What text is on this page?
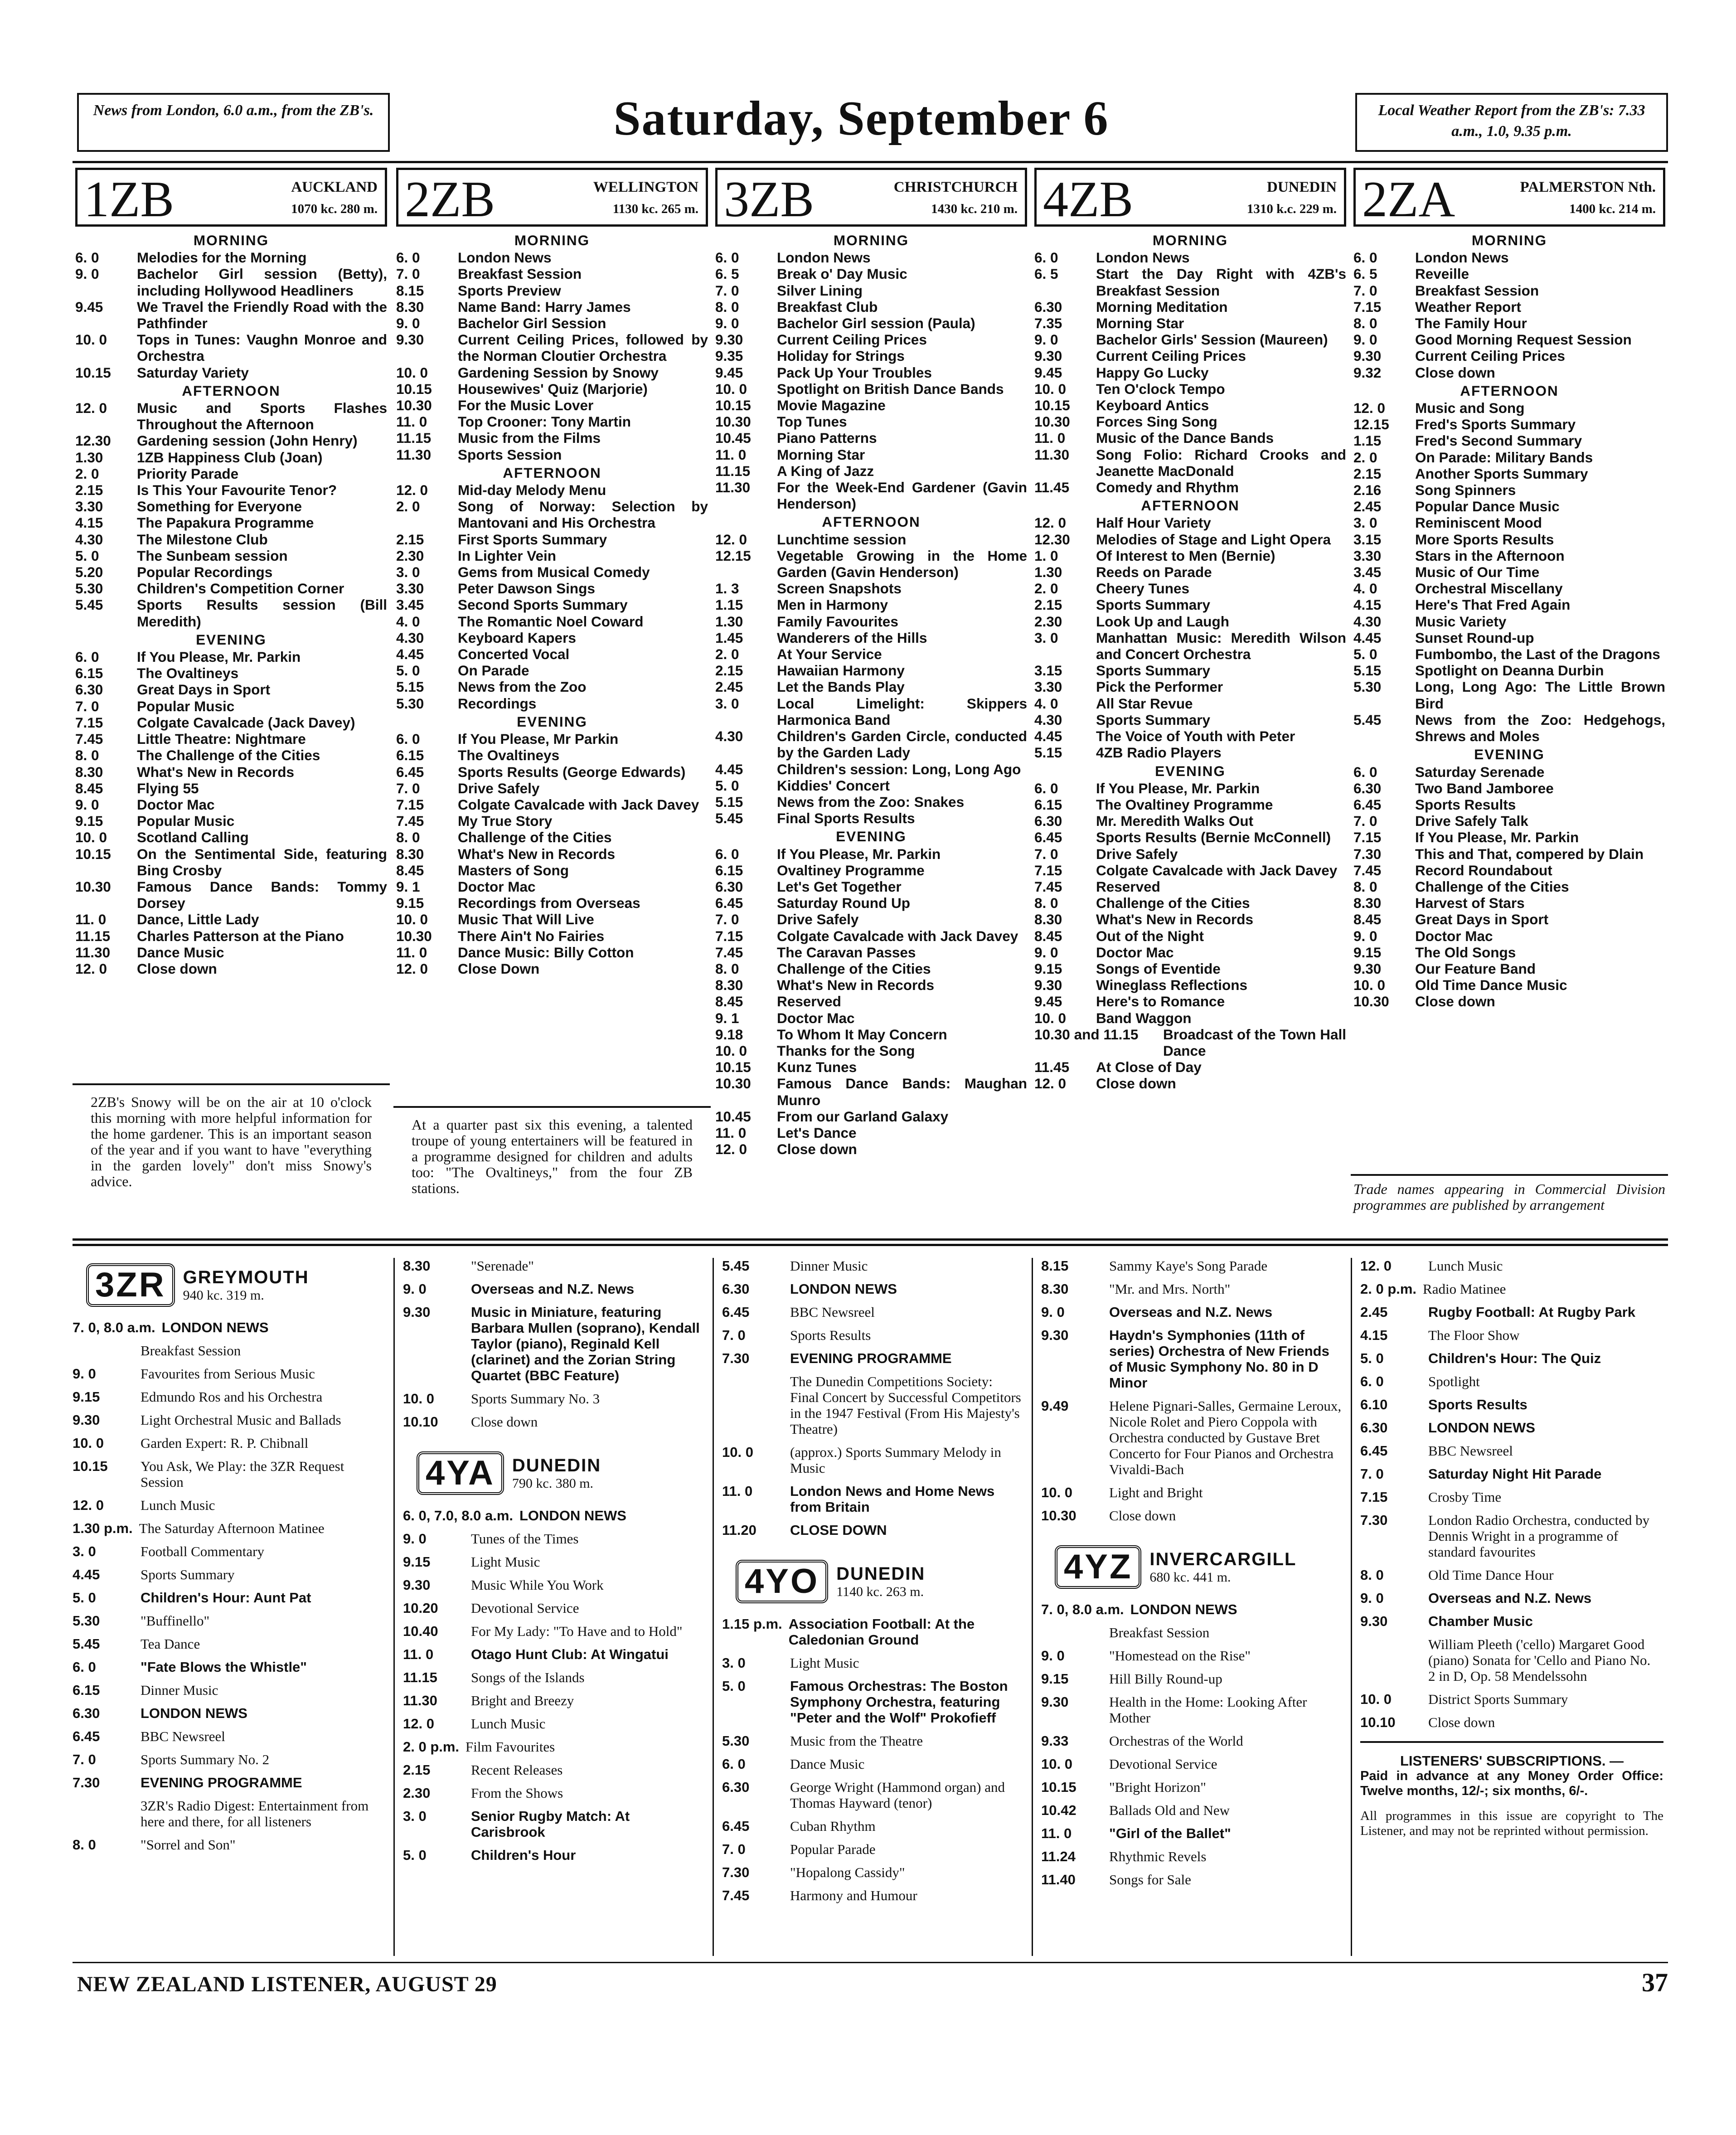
News from London, 6.0 a.m., from the ZB's.	Saturday, September 6	Local Weather Report from the ZB's: 7.33 a.m., 1.0, 9.35 p.m.
1ZB	AUCKLAND
1070 kc. 280 m.
MORNING
6. 0	Melodies for the Morning
9. 0	Bachelor Girl session (Betty), including Hollywood Headliners
9.45	We Travel the Friendly Road with the Pathfinder
10. 0	Tops in Tunes: Vaughn Monroe and Orchestra
10.15	Saturday Variety
AFTERNOON
12. 0	Music and Sports Flashes Throughout the Afternoon
12.30	Gardening session (John Henry)
1.30	1ZB Happiness Club (Joan)
2. 0	Priority Parade
2.15	Is This Your Favourite Tenor?
3.30	Something for Everyone
4.15	The Papakura Programme
4.30	The Milestone Club
5. 0	The Sunbeam session
5.20	Popular Recordings
5.30	Children's Competition Corner
5.45	Sports Results session (Bill Meredith)
EVENING
6. 0	If You Please, Mr. Parkin
6.15	The Ovaltineys
6.30	Great Days in Sport
7. 0	Popular Music
7.15	Colgate Cavalcade (Jack Davey)
7.45	Little Theatre: Nightmare
8. 0	The Challenge of the Cities
8.30	What's New in Records
8.45	Flying 55
9. 0	Doctor Mac
9.15	Popular Music
10. 0	Scotland Calling
10.15	On the Sentimental Side, featuring Bing Crosby
10.30	Famous Dance Bands: Tommy Dorsey
11. 0	Dance, Little Lady
11.15	Charles Patterson at the Piano
11.30	Dance Music
12. 0	Close down
2ZB's Snowy will be on the air at 10 o'clock this morning with more helpful information for the home gardener. This is an important season of the year and if you want to have "everything in the garden lovely" don't miss Snowy's advice.
2ZB	WELLINGTON
1130 kc. 265 m.
MORNING
6. 0	London News
7. 0	Breakfast Session
8.15	Sports Preview
8.30	Name Band: Harry James
9. 0	Bachelor Girl Session
9.30	Current Ceiling Prices, followed by the Norman Cloutier Orchestra
10. 0	Gardening Session by Snowy
10.15	Housewives' Quiz (Marjorie)
10.30	For the Music Lover
11. 0	Top Crooner: Tony Martin
11.15	Music from the Films
11.30	Sports Session
AFTERNOON
12. 0	Mid-day Melody Menu
2. 0	Song of Norway: Selection by Mantovani and His Orchestra
2.15	First Sports Summary
2.30	In Lighter Vein
3. 0	Gems from Musical Comedy
3.30	Peter Dawson Sings
3.45	Second Sports Summary
4. 0	The Romantic Noel Coward
4.30	Keyboard Kapers
4.45	Concerted Vocal
5. 0	On Parade
5.15	News from the Zoo
5.30	Recordings
EVENING
6. 0	If You Please, Mr Parkin
6.15	The Ovaltineys
6.45	Sports Results (George Edwards)
7. 0	Drive Safely
7.15	Colgate Cavalcade with Jack Davey
7.45	My True Story
8. 0	Challenge of the Cities
8.30	What's New in Records
8.45	Masters of Song
9. 1	Doctor Mac
9.15	Recordings from Overseas
10. 0	Music That Will Live
10.30	There Ain't No Fairies
11. 0	Dance Music: Billy Cotton
12. 0	Close Down
At a quarter past six this evening, a talented troupe of young entertainers will be featured in a programme designed for children and adults too: "The Ovaltineys," from the four ZB stations.
3ZB	CHRISTCHURCH
1430 kc. 210 m.
MORNING
6. 0	London News
6. 5	Break o' Day Music
7. 0	Silver Lining
8. 0	Breakfast Club
9. 0	Bachelor Girl session (Paula)
9.30	Current Ceiling Prices
9.35	Holiday for Strings
9.45	Pack Up Your Troubles
10. 0	Spotlight on British Dance Bands
10.15	Movie Magazine
10.30	Top Tunes
10.45	Piano Patterns
11. 0	Morning Star
11.15	A King of Jazz
11.30	For the Week-End Gardener (Gavin Henderson)
AFTERNOON
12. 0	Lunchtime session
12.15	Vegetable Growing in the Home Garden (Gavin Henderson)
1. 3	Screen Snapshots
1.15	Men in Harmony
1.30	Family Favourites
1.45	Wanderers of the Hills
2. 0	At Your Service
2.15	Hawaiian Harmony
2.45	Let the Bands Play
3. 0	Local Limelight: Skippers Harmonica Band
4.30	Children's Garden Circle, conducted by the Garden Lady
4.45	Children's session: Long, Long Ago
5. 0	Kiddies' Concert
5.15	News from the Zoo: Snakes
5.45	Final Sports Results
EVENING
6. 0	If You Please, Mr. Parkin
6.15	Ovaltiney Programme
6.30	Let's Get Together
6.45	Saturday Round Up
7. 0	Drive Safely
7.15	Colgate Cavalcade with Jack Davey
7.45	The Caravan Passes
8. 0	Challenge of the Cities
8.30	What's New in Records
8.45	Reserved
9. 1	Doctor Mac
9.18	To Whom It May Concern
10. 0	Thanks for the Song
10.15	Kunz Tunes
10.30	Famous Dance Bands: Maughan Munro
10.45	From our Garland Galaxy
11. 0	Let's Dance
12. 0	Close down
4ZB	DUNEDIN
1310 k.c. 229 m.
MORNING
6. 0	London News
6. 5	Start the Day Right with 4ZB's Breakfast Session
6.30	Morning Meditation
7.35	Morning Star
9. 0	Bachelor Girls' Session (Maureen)
9.30	Current Ceiling Prices
9.45	Happy Go Lucky
10. 0	Ten O'clock Tempo
10.15	Keyboard Antics
10.30	Forces Sing Song
11. 0	Music of the Dance Bands
11.30	Song Folio: Richard Crooks and Jeanette MacDonald
11.45	Comedy and Rhythm
AFTERNOON
12. 0	Half Hour Variety
12.30	Melodies of Stage and Light Opera
1. 0	Of Interest to Men (Bernie)
1.30	Reeds on Parade
2. 0	Cheery Tunes
2.15	Sports Summary
2.30	Look Up and Laugh
3. 0	Manhattan Music: Meredith Wilson and Concert Orchestra
3.15	Sports Summary
3.30	Pick the Performer
4. 0	All Star Revue
4.30	Sports Summary
4.45	The Voice of Youth with Peter
5.15	4ZB Radio Players
EVENING
6. 0	If You Please, Mr. Parkin
6.15	The Ovaltiney Programme
6.30	Mr. Meredith Walks Out
6.45	Sports Results (Bernie McConnell)
7. 0	Drive Safely
7.15	Colgate Cavalcade with Jack Davey
7.45	Reserved
8. 0	Challenge of the Cities
8.30	What's New in Records
8.45	Out of the Night
9. 0	Doctor Mac
9.15	Songs of Eventide
9.30	Wineglass Reflections
9.45	Here's to Romance
10. 0	Band Waggon
10.30 and 11.15	Broadcast of the Town Hall Dance
11.45	At Close of Day
12. 0	Close down
2ZA	PALMERSTON Nth.
1400 kc. 214 m.
MORNING
6. 0	London News
6. 5	Reveille
7. 0	Breakfast Session
7.15	Weather Report
8. 0	The Family Hour
9. 0	Good Morning Request Session
9.30	Current Ceiling Prices
9.32	Close down
AFTERNOON
12. 0	Music and Song
12.15	Fred's Sports Summary
1.15	Fred's Second Summary
2. 0	On Parade: Military Bands
2.15	Another Sports Summary
2.16	Song Spinners
2.45	Popular Dance Music
3. 0	Reminiscent Mood
3.15	More Sports Results
3.30	Stars in the Afternoon
3.45	Music of Our Time
4. 0	Orchestral Miscellany
4.15	Here's That Fred Again
4.30	Music Variety
4.45	Sunset Round-up
5. 0	Fumbombo, the Last of the Dragons
5.15	Spotlight on Deanna Durbin
5.30	Long, Long Ago: The Little Brown Bird
5.45	News from the Zoo: Hedgehogs, Shrews and Moles
EVENING
6. 0	Saturday Serenade
6.30	Two Band Jamboree
6.45	Sports Results
7. 0	Drive Safely Talk
7.15	If You Please, Mr. Parkin
7.30	This and That, compered by Dlain
7.45	Record Roundabout
8. 0	Challenge of the Cities
8.30	Harvest of Stars
8.45	Great Days in Sport
9. 0	Doctor Mac
9.15	The Old Songs
9.30	Our Feature Band
10. 0	Old Time Dance Music
10.30	Close down
Trade names appearing in Commercial Division programmes are published by arrangement
3ZR GREYMOUTH
940 kc. 319 m.
7. 0, 8.0 a.m. LONDON NEWS
Breakfast Session
9. 0	Favourites from Serious Music
9.15	Edmundo Ros and his Orchestra
9.30	Light Orchestral Music and Ballads
10. 0	Garden Expert: R. P. Chibnall
10.15	You Ask, We Play: the 3ZR Request Session
12. 0	Lunch Music
1.30 p.m. The Saturday Afternoon Matinee
3. 0	Football Commentary
4.45	Sports Summary
5. 0	Children's Hour: Aunt Pat
5.30	"Buffinello"
5.45	Tea Dance
6. 0	"Fate Blows the Whistle"
6.15	Dinner Music
6.30	LONDON NEWS
6.45	BBC Newsreel
7. 0	Sports Summary No. 2
7.30	EVENING PROGRAMME
3ZR's Radio Digest: Entertainment from here and there, for all listeners
8. 0	"Sorrel and Son"
8.30	"Serenade"
9. 0	Overseas and N.Z. News
9.30	Music in Miniature, featuring Barbara Mullen (soprano), Kendall Taylor (piano), Reginald Kell (clarinet) and the Zorian String Quartet (BBC Feature)
10. 0	Sports Summary No. 3
10.10	Close down
4YA DUNEDIN
790 kc. 380 m.
6. 0, 7.0, 8.0 a.m. LONDON NEWS
9. 0	Tunes of the Times
9.15	Light Music
9.30	Music While You Work
10.20	Devotional Service
10.40	For My Lady: "To Have and to Hold"
11. 0	Otago Hunt Club: At Wingatui
11.15	Songs of the Islands
11.30	Bright and Breezy
12. 0	Lunch Music
2. 0 p.m. Film Favourites
2.15	Recent Releases
2.30	From the Shows
3. 0	Senior Rugby Match: At Carisbrook
5. 0	Children's Hour
5.45	Dinner Music
6.30	LONDON NEWS
6.45	BBC Newsreel
7. 0	Sports Results
7.30	EVENING PROGRAMME
The Dunedin Competitions Society: Final Concert by Successful Competitors in the 1947 Festival (From His Majesty's Theatre)
10. 0	(approx.) Sports Summary Melody in Music
11. 0	London News and Home News from Britain
11.20	CLOSE DOWN
4YO DUNEDIN
1140 kc. 263 m.
1.15 p.m. Association Football: At the Caledonian Ground
3. 0	Light Music
5. 0	Famous Orchestras: The Boston Symphony Orchestra, featuring "Peter and the Wolf" Prokofieff
5.30	Music from the Theatre
6. 0	Dance Music
6.30	George Wright (Hammond organ) and Thomas Hayward (tenor)
6.45	Cuban Rhythm
7. 0	Popular Parade
7.30	"Hopalong Cassidy"
7.45	Harmony and Humour
8.15	Sammy Kaye's Song Parade
8.30	"Mr. and Mrs. North"
9. 0	Overseas and N.Z. News
9.30	Haydn's Symphonies (11th of series) Orchestra of New Friends of Music Symphony No. 80 in D Minor
9.49	Helene Pignari-Salles, Germaine Leroux, Nicole Rolet and Piero Coppola with Orchestra conducted by Gustave Bret Concerto for Four Pianos and Orchestra Vivaldi-Bach
10. 0	Light and Bright
10.30	Close down
4YZ INVERCARGILL
680 kc. 441 m.
7. 0, 8.0 a.m. LONDON NEWS
Breakfast Session
9. 0	"Homestead on the Rise"
9.15	Hill Billy Round-up
9.30	Health in the Home: Looking After Mother
9.33	Orchestras of the World
10. 0	Devotional Service
10.15	"Bright Horizon"
10.42	Ballads Old and New
11. 0	"Girl of the Ballet"
11.24	Rhythmic Revels
11.40	Songs for Sale
12. 0	Lunch Music
2. 0 p.m. Radio Matinee
2.45	Rugby Football: At Rugby Park
4.15	The Floor Show
5. 0	Children's Hour: The Quiz
6. 0	Spotlight
6.10	Sports Results
6.30	LONDON NEWS
6.45	BBC Newsreel
7. 0	Saturday Night Hit Parade
7.15	Crosby Time
7.30	London Radio Orchestra, conducted by Dennis Wright in a programme of standard favourites
8. 0	Old Time Dance Hour
9. 0	Overseas and N.Z. News
9.30	Chamber Music
William Pleeth ('cello) Margaret Good (piano) Sonata for 'Cello and Piano No. 2 in D, Op. 58 Mendelssohn
10. 0	District Sports Summary
10.10	Close down
LISTENERS' SUBSCRIPTIONS. —
Paid in advance at any Money Order Office: Twelve months, 12/-; six months, 6/-.
All programmes in this issue are copyright to The Listener, and may not be reprinted without permission.
NEW ZEALAND LISTENER, AUGUST 29	37
